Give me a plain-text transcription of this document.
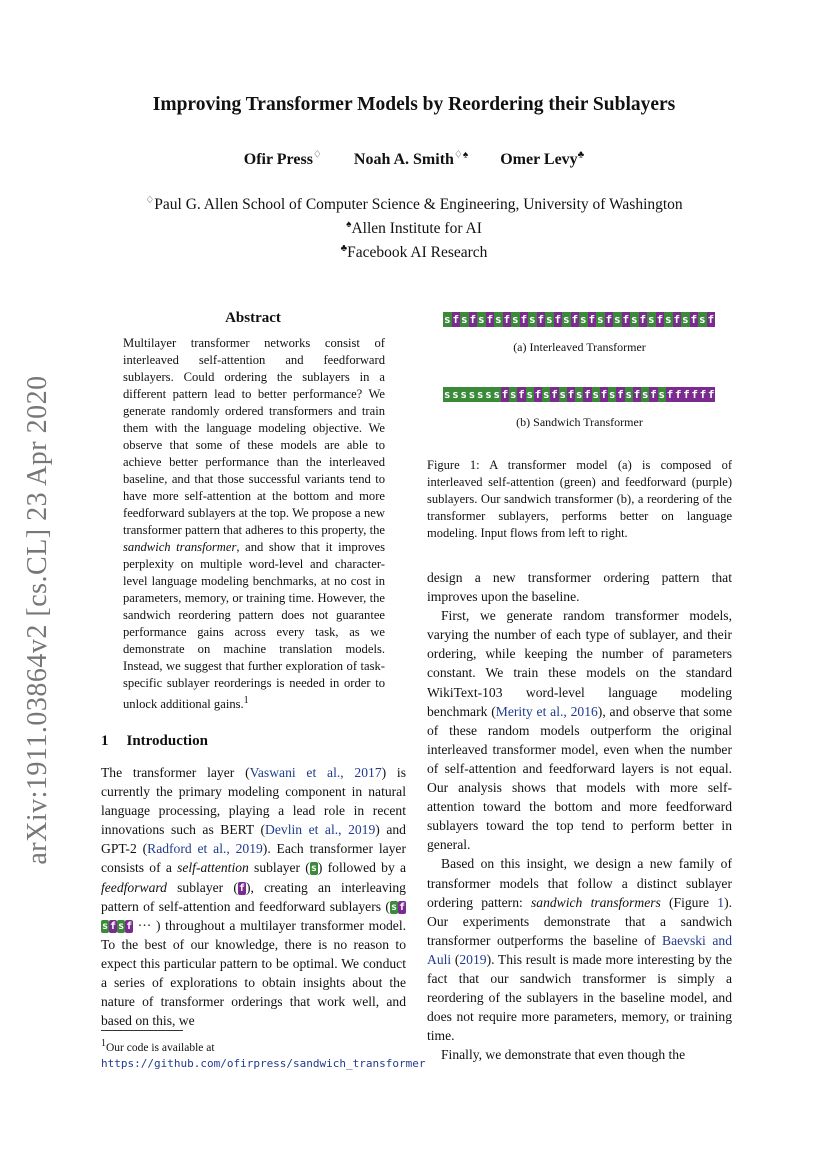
arXiv:1911.03864v2 [cs.CL] 23 Apr 2020
Improving Transformer Models by Reordering their Sublayers
Ofir Press♢ Noah A. Smith♢♠ Omer Levy♣
♢Paul G. Allen School of Computer Science & Engineering, University of Washington
♠Allen Institute for AI
♣Facebook AI Research
Abstract
Multilayer transformer networks consist of interleaved self-attention and feedforward sublayers. Could ordering the sublayers in a different pattern lead to better performance? We generate randomly ordered transformers and train them with the language modeling objective. We observe that some of these models are able to achieve better performance than the interleaved baseline, and that those successful variants tend to have more self-attention at the bottom and more feedforward sublayers at the top. We propose a new transformer pattern that adheres to this property, the sandwich transformer, and show that it improves perplexity on multiple word-level and character-level language modeling benchmarks, at no cost in parameters, memory, or training time. However, the sandwich reordering pattern does not guarantee performance gains across every task, as we demonstrate on machine translation models. Instead, we suggest that further exploration of task-specific sublayer reorderings is needed in order to unlock additional gains.$^1$
s f s f s f s f s f s f s f s f s f s f s f s f s f s f s f s f
(a) Interleaved Transformer
s s s s s s s f s f s f s f s f s f s f s f s f s f s f f f f f f
(b) Sandwich Transformer
Figure 1: A transformer model (a) is composed of interleaved self-attention (green) and feedforward (purple) sublayers. Our sandwich transformer (b), a reordering of the transformer sublayers, performs better on language modeling. Input flows from left to right.
1 Introduction
The transformer layer (Vaswani et al., 2017) is currently the primary modeling component in natural language processing, playing a lead role in recent innovations such as BERT (Devlin et al., 2019) and GPT-2 (Radford et al., 2019). Each transformer layer consists of a self-attention sublayer (s) followed by a feedforward sublayer (f), creating an interleaving pattern of self-attention and feedforward sublayers (s fs f s f ··· ) throughout a multilayer transformer model. To the best of our knowledge, there is no reason to expect this particular pattern to be optimal. We conduct a series of explorations to obtain insights about the nature of transformer orderings that work well, and based on this, we

design a new transformer ordering pattern that improves upon the baseline.

First, we generate random transformer models, varying the number of each type of sublayer, and their ordering, while keeping the number of parameters constant. We train these models on the standard WikiText-103 word-level language modeling benchmark (Merity et al., 2016), and observe that some of these random models outperform the original interleaved transformer model, even when the number of self-attention and feedforward layers is not equal. Our analysis shows that models with more self-attention toward the bottom and more feedforward sublayers toward the top tend to perform better in general.

Based on this insight, we design a new family of transformer models that follow a distinct sublayer ordering pattern: sandwich transformers (Figure 1). Our experiments demonstrate that a sandwich transformer outperforms the baseline of Baevski and Auli (2019). This result is made more interesting by the fact that our sandwich transformer is simply a reordering of the sublayers in the baseline model, and does not require more parameters, memory, or training time.

Finally, we demonstrate that even though the

$^1$Our code is available at https://github.com/ofirpress/sandwich_transformer
